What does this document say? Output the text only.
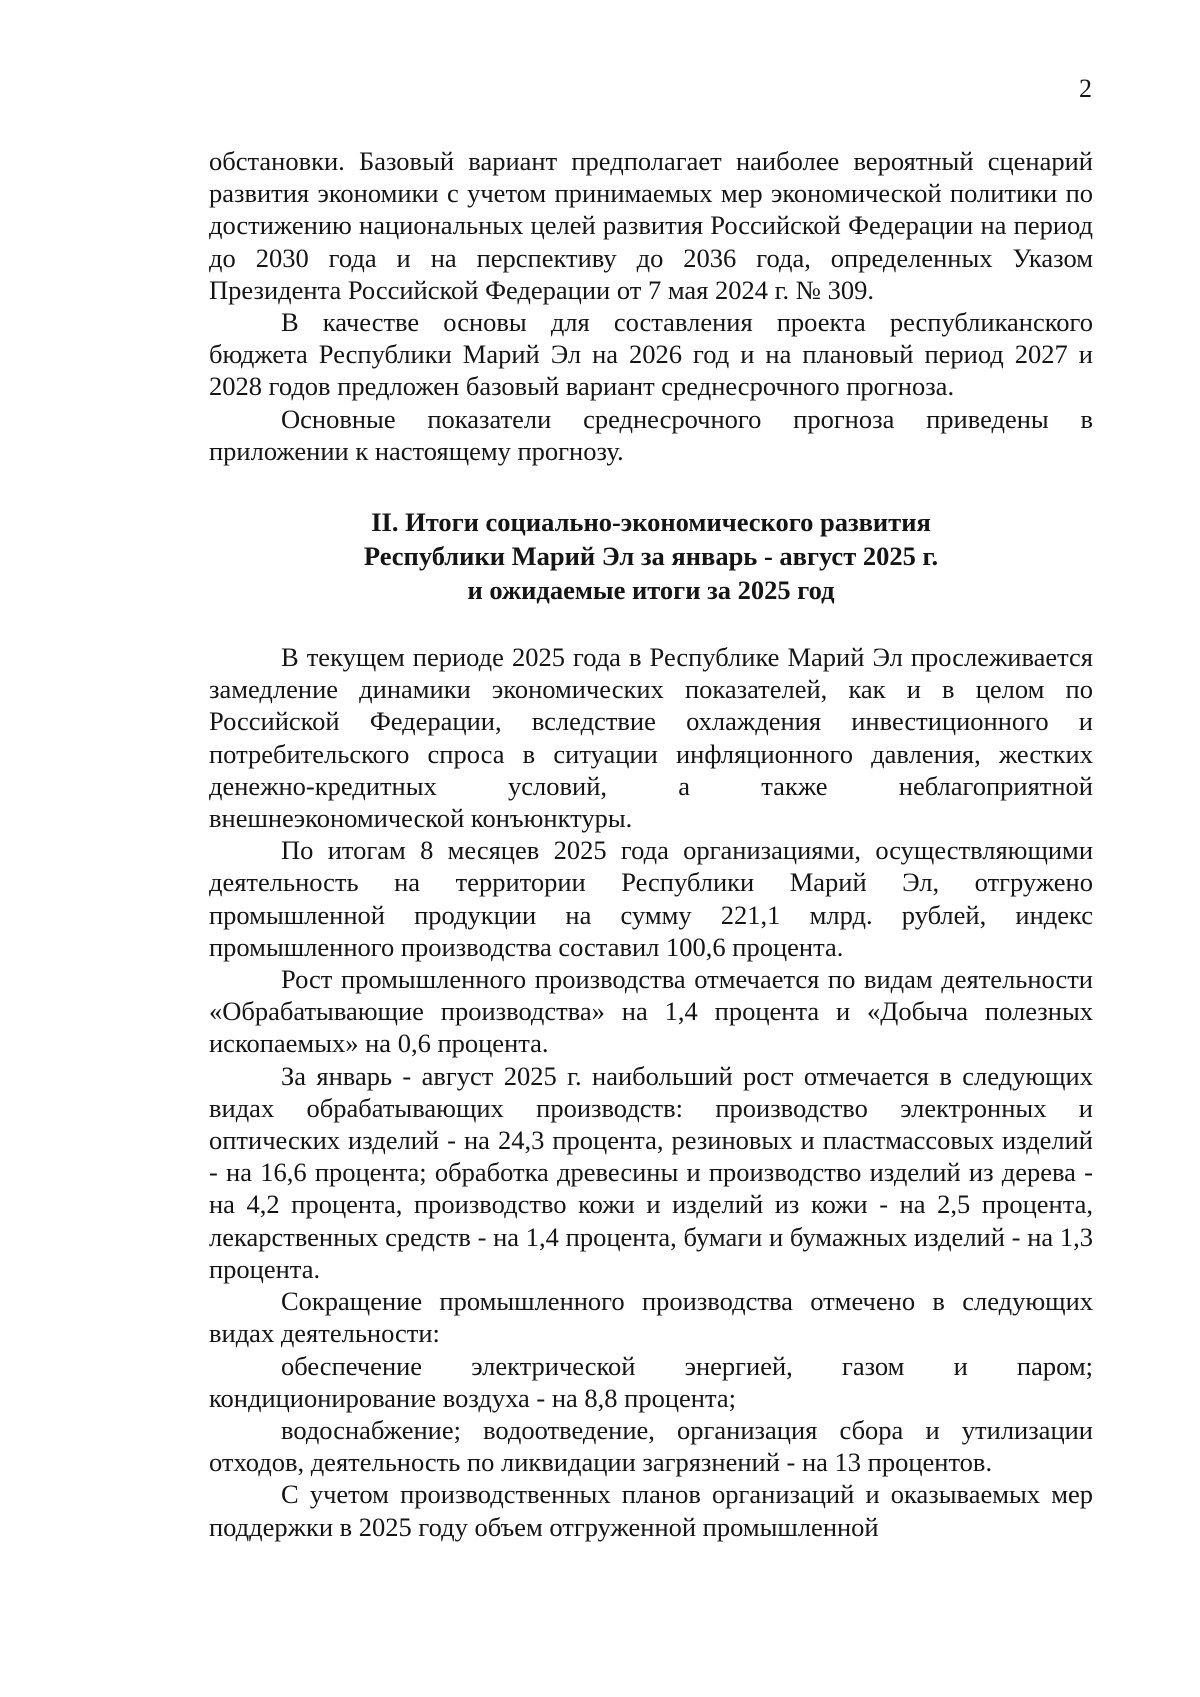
2

обстановки. Базовый вариант предполагает наиболее вероятный сценарий развития экономики с учетом принимаемых мер экономической политики по достижению национальных целей развития Российской Федерации на период до 2030 года и на перспективу до 2036 года, определенных Указом Президента Российской Федерации от 7 мая 2024 г. № 309.

В качестве основы для составления проекта республиканского бюджета Республики Марий Эл на 2026 год и на плановый период 2027 и 2028 годов предложен базовый вариант среднесрочного прогноза.

Основные показатели среднесрочного прогноза приведены в приложении к настоящему прогнозу.

II. Итоги социально-экономического развития
Республики Марий Эл за январь - август 2025 г.
и ожидаемые итоги за 2025 год

В текущем периоде 2025 года в Республике Марий Эл прослеживается замедление динамики экономических показателей, как и в целом по Российской Федерации, вследствие охлаждения инвестиционного и потребительского спроса в ситуации инфляционного давления, жестких денежно-кредитных условий, а также неблагоприятной внешнеэкономической конъюнктуры.

По итогам 8 месяцев 2025 года организациями, осуществляющими деятельность на территории Республики Марий Эл, отгружено промышленной продукции на сумму 221,1 млрд. рублей, индекс промышленного производства составил 100,6 процента.

Рост промышленного производства отмечается по видам деятельности «Обрабатывающие производства» на 1,4 процента и «Добыча полезных ископаемых» на 0,6 процента.

За январь - август 2025 г. наибольший рост отмечается в следующих видах обрабатывающих производств: производство электронных и оптических изделий - на 24,3 процента, резиновых и пластмассовых изделий - на 16,6 процента; обработка древесины и производство изделий из дерева - на 4,2 процента, производство кожи и изделий из кожи - на 2,5 процента, лекарственных средств - на 1,4 процента, бумаги и бумажных изделий - на 1,3 процента.

Сокращение промышленного производства отмечено в следующих видах деятельности:

обеспечение электрической энергией, газом и паром; кондиционирование воздуха - на 8,8 процента;

водоснабжение; водоотведение, организация сбора и утилизации отходов, деятельность по ликвидации загрязнений - на 13 процентов.

С учетом производственных планов организаций и оказываемых мер поддержки в 2025 году объем отгруженной промышленной
